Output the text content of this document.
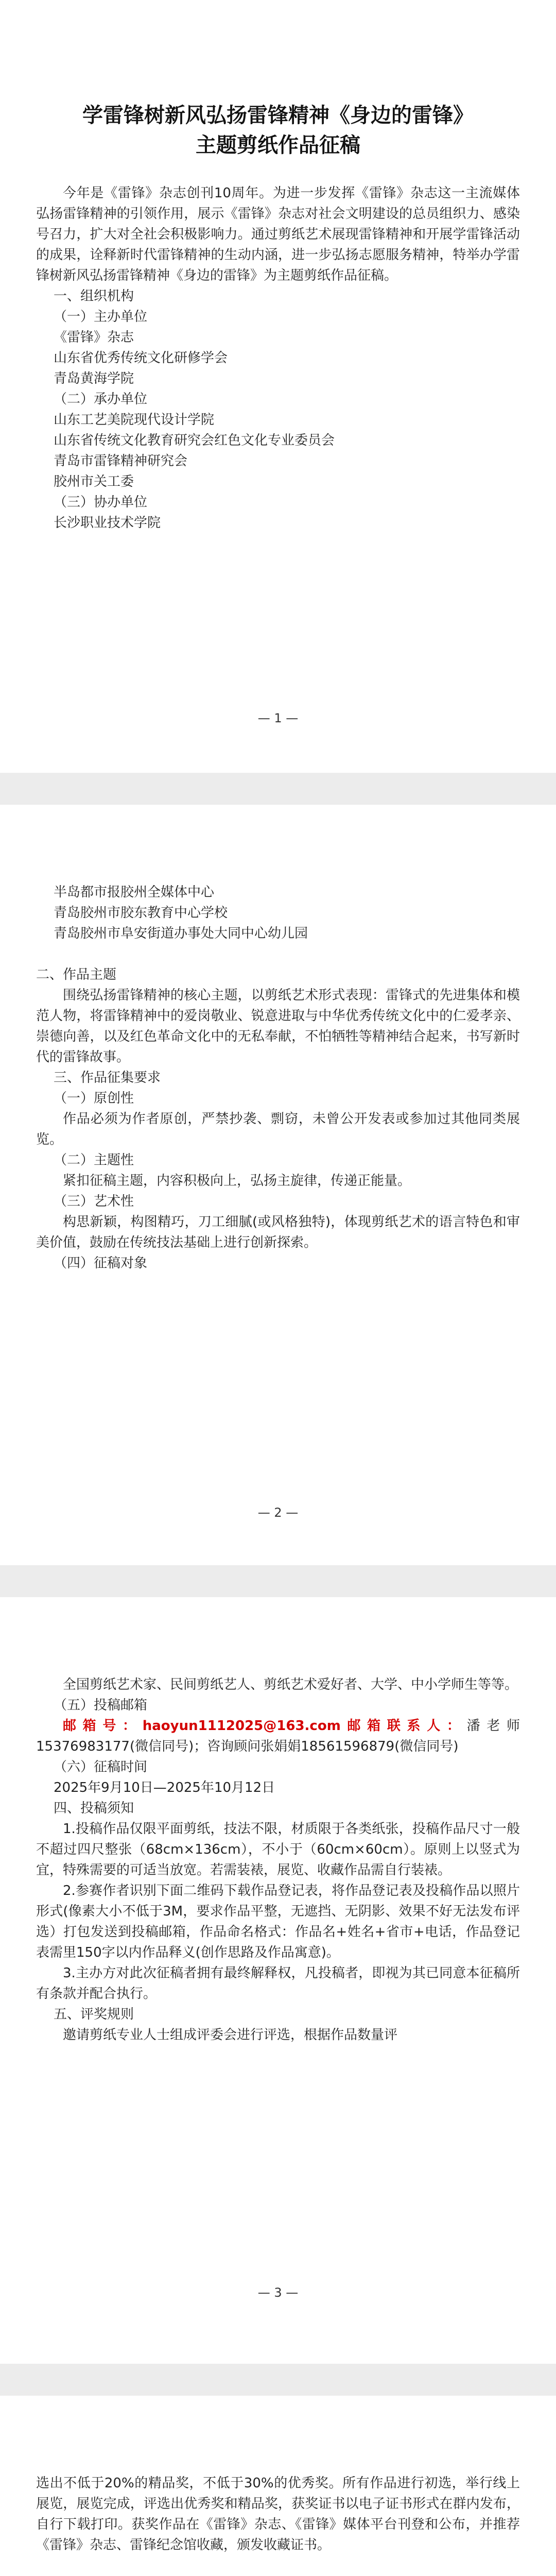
学雷锋树新风弘扬雷锋精神《身边的雷锋》
主题剪纸作品征稿

今年是《雷锋》杂志创刊10周年。为进一步发挥《雷锋》杂志这一主流媒体弘扬雷锋精神的引领作用，展示《雷锋》杂志对社会文明建设的总员组织力、感染号召力，扩大对全社会积极影响力。通过剪纸艺术展现雷锋精神和开展学雷锋活动的成果，诠释新时代雷锋精神的生动内涵，进一步弘扬志愿服务精神，特举办学雷锋树新风弘扬雷锋精神《身边的雷锋》为主题剪纸作品征稿。

一、组织机构
（一）主办单位
《雷锋》杂志
山东省优秀传统文化研修学会
青岛黄海学院
（二）承办单位
山东工艺美院现代设计学院
山东省传统文化教育研究会红色文化专业委员会
青岛市雷锋精神研究会
胶州市关工委
（三）协办单位
长沙职业技术学院
— 1 —
半岛都市报胶州全媒体中心
青岛胶州市胶东教育中心学校
青岛胶州市阜安街道办事处大同中心幼儿园
二、作品主题

围绕弘扬雷锋精神的核心主题，以剪纸艺术形式表现：雷锋式的先进集体和模范人物，将雷锋精神中的爱岗敬业、锐意进取与中华优秀传统文化中的仁爱孝亲、崇德向善，以及红色革命文化中的无私奉献，不怕牺牲等精神结合起来，书写新时代的雷锋故事。

三、作品征集要求
（一）原创性

作品必须为作者原创，严禁抄袭、剽窃，未曾公开发表或参加过其他同类展览。

（二）主题性

紧扣征稿主题，内容积极向上，弘扬主旋律，传递正能量。

（三）艺术性

构思新颖，构图精巧，刀工细腻(或风格独特)，体现剪纸艺术的语言特色和审美价值，鼓励在传统技法基础上进行创新探索。

（四）征稿对象
— 2 —

全国剪纸艺术家、民间剪纸艺人、剪纸艺术爱好者、大学、中小学师生等等。

（五）投稿邮箱

邮箱号：haoyun1112025@163.com邮箱联系人：潘老师15376983177(微信同号)；咨询顾问张娟娟18561596879(微信同号)

（六）征稿时间
2025年9月10日—2025年10月12日
四、投稿须知

1.投稿作品仅限平面剪纸，技法不限，材质限于各类纸张，投稿作品尺寸一般不超过四尺整张（68cm×136cm），不小于（60cm×60cm）。原则上以竖式为宜，特殊需要的可适当放宽。若需装裱，展览、收藏作品需自行装裱。

2.参赛作者识别下面二维码下载作品登记表，将作品登记表及投稿作品以照片形式(像素大小不低于3M，要求作品平整，无遮挡、无阴影、效果不好无法发布评选）打包发送到投稿邮箱，作品命名格式：作品名+姓名+省市+电话，作品登记表需里150字以内作品释义(创作思路及作品寓意)。

3.主办方对此次征稿者拥有最终解释权，凡投稿者，即视为其已同意本征稿所有条款并配合执行。

五、评奖规则

邀请剪纸专业人士组成评委会进行评选，根据作品数量评

— 3 —

选出不低于20%的精品奖，不低于30%的优秀奖。所有作品进行初选，举行线上展览，展览完成，评选出优秀奖和精品奖，获奖证书以电子证书形式在群内发布，自行下载打印。获奖作品在《雷锋》杂志、《雷锋》媒体平台刊登和公布，并推荐《雷锋》杂志、雷锋纪念馆收藏，颁发收藏证书。
